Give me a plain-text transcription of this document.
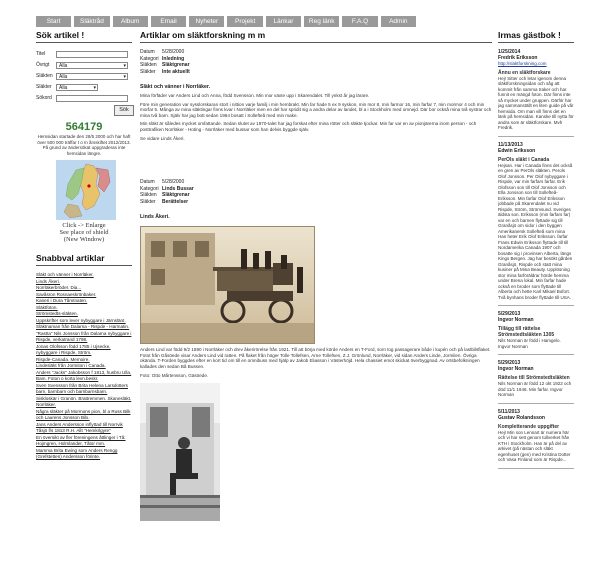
Start	Släktråd	Album	Email	Nyheter	Projekt	Länkar	Reg länk	F.A.Q	Admin
Sök artikel !
Titel
Övrigt	Alla	▾
Släkten	Alla	▾
Släkter	Alla	▾
Sökord
Sök
564179
Hemsidan startade den 28/5 2000 och har haft över 500 000 träffar t o m årsskiftet 2012/2013. På grund av ändersökat uppgraderas inte hemsidan längre.
Click -> Enlarge
See place of shield
(New Window)
Snabbval artiklar
Släkt och vänner i Norrläker.
Linds Åkeri.
Norrläkerbröder. Dia...
Savåsron Rosnaeskrönbaker.
Kaneri i Dura Tåmtnaten.
Släktfoton.
Strömstedts-släkten.
Uppskrifter som lever nybyggare i Järnslänt.
Släktnaman från Dalarna - Rispde - Harmatin.
"Rastta" Nils Jonsson från Dalarna nybyggare i Rispde, verkatrand 1798.
Jonas Olofsson född 1785 i Ujsecke, nybyggare i Rispde, Ström.
Rispde-Canada. Memoire.
Lindesläkt från Jormiton i Canada.
Anders "Jacks" Jakobsson f 1813, husbru Ulla, Bam. Foton o korta levn.beskr.
Sven Svensson från Brita Helena Larsdotters barn, barnbarn och barnbarnsbarn.
Siskloskär i Granön. Brattremmen. Skanesläkt. Norrläker.
Några släkter på Mormons pion, bl a Russ Bilk och Laurens Jonsson Bilx.
Jans Anders Andersson inflyttad till Norrvik Tåsjö f/s 1813 R.H. Allt "Hemkrlgyre"
En översikt av fler föreningens åttlinger i Tå: Hojmgren, Holmlander, Tåtor mm.
Mamma Brita Ewing som Anders Rengg (Grefstetten) Andersson förinte.
Artiklar om släktforskning m m
Datum	5/28/2000
Kategori Inledning
Släkten	Släktgrenar
Släkter	Inte aktuellt
Släkt och vänner i Norrläker.
Mina förfäder var Anders Lind och Anna, född Svensson. Min mor växte upp i Skarendalet. Till ynkst år jag lärare.
Före min generation var sysslorskaran stort i nittion varje familj i min hembrakt. Min far hade 5 ex 9 syskon, min mor 8, min farmor 16, min farfar 7, min mormor 4 och min morfar 5. Många av mina släktingar finns kvar i Norrläker men en del har spridit sig a andra delar av landet, bl a i Stockholm med omnejd. Där bor också mina två systrar och mina två barn. Själv har jag bott sedan 1964 bosatt i Sollefteå med min make.
Min släkt är således mycket omfattande. Sedan slutet av 1970-talet har jag forskat efter mina rötter och släkte tjockar. Min far var en av pionjärerna inom person - och posttrafiken Norrläker - Hoting - Norrläker med bussar som han delvis byggde själv.
Se vidare Linds Åkeri.
Datum	5/28/2000
Kategori Linds Bussar
Släkten	Släktgrenar
Släkter	Berättelser
Linds Åkeri.
Anders Lind var född 9/2 1890 i Norrläker och drev åkerirörelse från 1921. Till att börja med körde Anders en T-Ford, som tog passagerare både i kupén och på lastbilsflaket. Fotot från Gåsöede visar Anders Lind vid ratten. På flaket från höger Tolle Tollefsen, Arne Tollefsen, Z.J. Grönlund, Norrläker, vid sidan Anders Linde, Jormilen. Övriga okända. T-Forden byggdes efter en kort tid om till en omnibuss med hjälp av Jakob Eliasson i Västerhöjd. Hela chassiet emot skickat överbyggnad. Av ortsbefolkningen kallades den sedan Bå Bussen.
Foto: Otto Mårtensson, Gäsöede.
Irmas gästbok !
1/25/2014
Fredrik Eriksson
http://slaktforskning.com
Ännu en släktforskare
Hej! Sitter och letar igenom denna släktforskningsidan och såg att kommit från samma traker och har funnit en mängd foton. Där finns inte så mycket under gruppen. Därför har jag sammanställt en liten guide på vår hemsida. Om man vill finns det en länk på hemsidan. Kanske till nytta för andra som är släktforskare. Mvh Fredrik.
11/13/2013
Edwin Eriksson
PerOls släkt i Canada
Hejsan. Har i Canada finns det också en gren av PerOls släkten. Perols Olof Jonsson. Per Olof nybyggare i Rispde, var min farfars farfar. Erik Olofsson son till Olof Jonsson och Ella Jonsson son till Sollefteå-Eriksson. Min farfar Olof Eriksson jobbade på Skarendalet nu vid Rispde, Ström, Strömsund. Sveriges äldsta son. Eriksson (min farfars far) var en och barnen flyttade sig till Granåsjö om sidor i den byggen Amerikanersk Sollefteå som mina Han heter Erik Olof Eriksson. farfar Frans Edwin Eriksson flyttade till till Nordamerika Canada 1907 och bosatte sig i provinsen Alberta, längs Kings Bergen. Jag har besökt gården Granåsjö, Rispde och statt mina kusiner på Mina Beauty. Upplösning stor mina farföräldrar hörde hemma under Brena lokal. Min farfar hade också en broder som flyttade till Alberta och hette Karl Mikael Bofort. Två bynhans broder flyttade till USA.
5/29/2013
Ingvor Norman
Tillägg till rättelse Strömstedtsläkten 1305
Nils Norman är född i Hamgelo. Ingvor Norman
5/29/2013
Ingvor Norman
Rättelse till Strömstedtsläkten
Nils Norman är född 12 okt 1922 och död 11/1 1946. Min farfar. Ingvor Norman
5/11/2013
Gustav Rolandsson
Kompletterande uppgifter
Hej! Min son Lennart är numera här och vi har sett genom tullverket från KTH i Stockholm. Han är på del av arkivet (på nästan och släkt egenhuset (gen) med Kristina Dotter och Vasa Finland som är Rispde...
